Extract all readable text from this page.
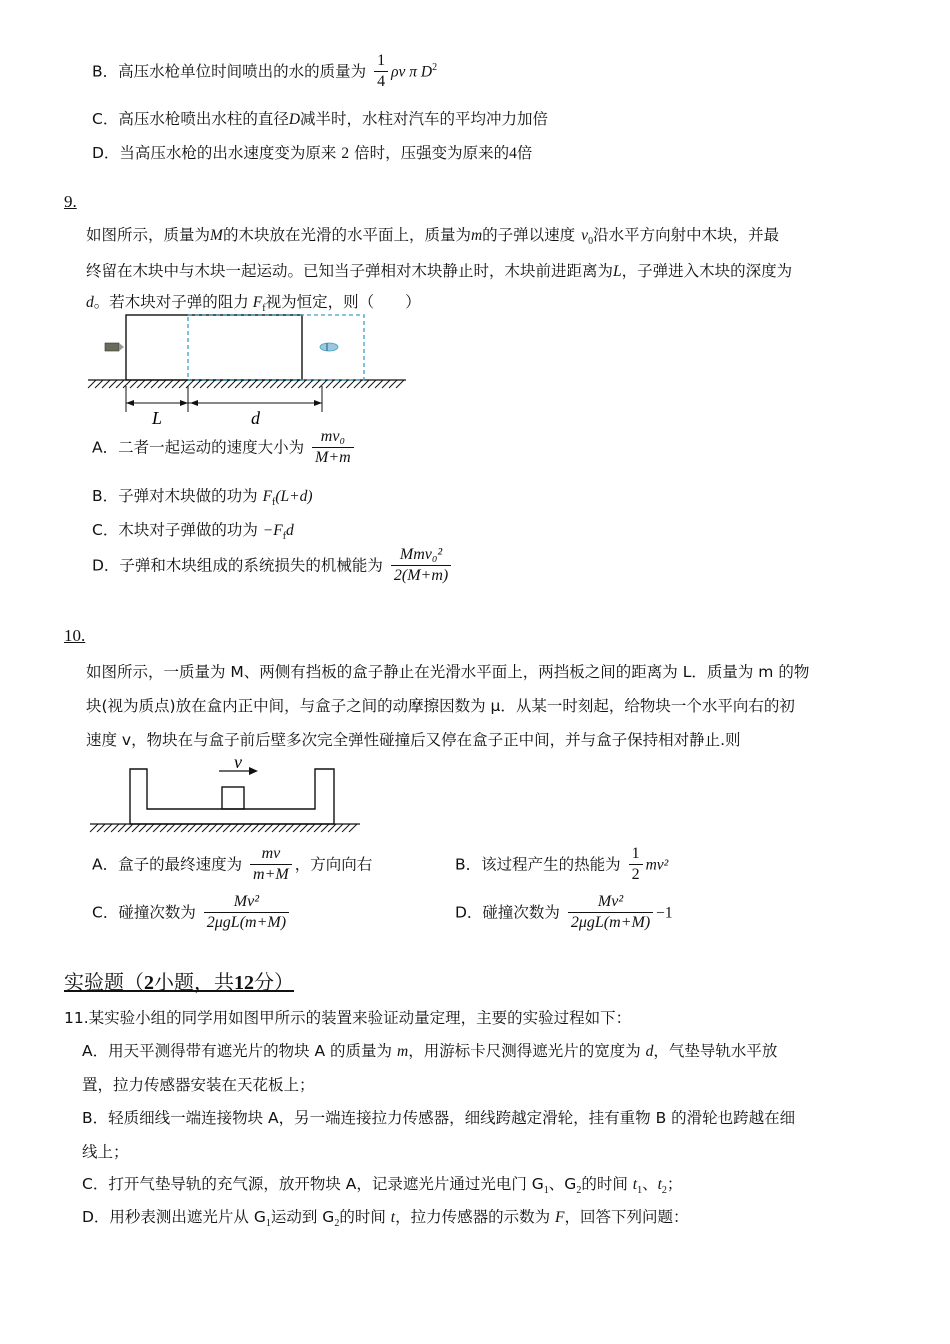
B．高压水枪单位时间喷出的水的质量为 $\frac{1}{4}$ ρv π $D^2$
C．高压水枪喷出水柱的直径D减半时，水柱对汽车的平均冲力加倍
D．当高压水枪的出水速度变为原来 2 倍时，压强变为原来的4倍
9.
如图所示，质量为M的木块放在光滑的水平面上，质量为m的子弹以速度 $v_0$沿水平方向射中木块，并最
终留在木块中与木块一起运动。已知当子弹相对木块静止时，木块前进距离为L，子弹进入木块的深度为
d。若木块对子弹的阻力 $F_f$视为恒定，则（　　）
L	d
A．二者一起运动的速度大小为 $\frac{\text{mv₀}}{M+m}$
B．子弹对木块做的功为 $F_f(L+d)$
C．木块对子弹做的功为 $-F_fd$
D．子弹和木块组成的系统损失的机械能为 $\frac{\text{Mmv₀²}}{2(M+m)}$
10.
如图所示，一质量为 M、两侧有挡板的盒子静止在光滑水平面上，两挡板之间的距离为 L．质量为 m 的物
块(视为质点)放在盒内正中间，与盒子之间的动摩擦因数为 μ．从某一时刻起，给物块一个水平向右的初
速度 v，物块在与盒子前后壁多次完全弹性碰撞后又停在盒子正中间，并与盒子保持相对静止.则
v
A．盒子的最终速度为 $\frac{mv}{m+M}$ ，方向向右	B．该过程产生的热能为 $\frac{1}{2} mv^2$
C．碰撞次数为 $\frac{\text{Mv²}}{\text{2μgL(m+M)}}$	D．碰撞次数为 $\frac{\text{Mv²}}{\text{2μgL(m+M)}} -1$
实验题（2小题，共12分）
11.某实验小组的同学用如图甲所示的装置来验证动量定理，主要的实验过程如下：
A．用天平测得带有遮光片的物块 A 的质量为 m，用游标卡尺测得遮光片的宽度为 d，气垫导轨水平放
置，拉力传感器安装在天花板上；
B．轻质细线一端连接物块 A，另一端连接拉力传感器，细线跨越定滑轮，挂有重物 B 的滑轮也跨越在细
线上；
C．打开气垫导轨的充气源，放开物块 A，记录遮光片通过光电门 $G_1$、$G_2$的时间 $t_1$、$t_2$；
D．用秒表测出遮光片从 $G_1$运动到 $G_2$的时间 t，拉力传感器的示数为 F，回答下列问题：
